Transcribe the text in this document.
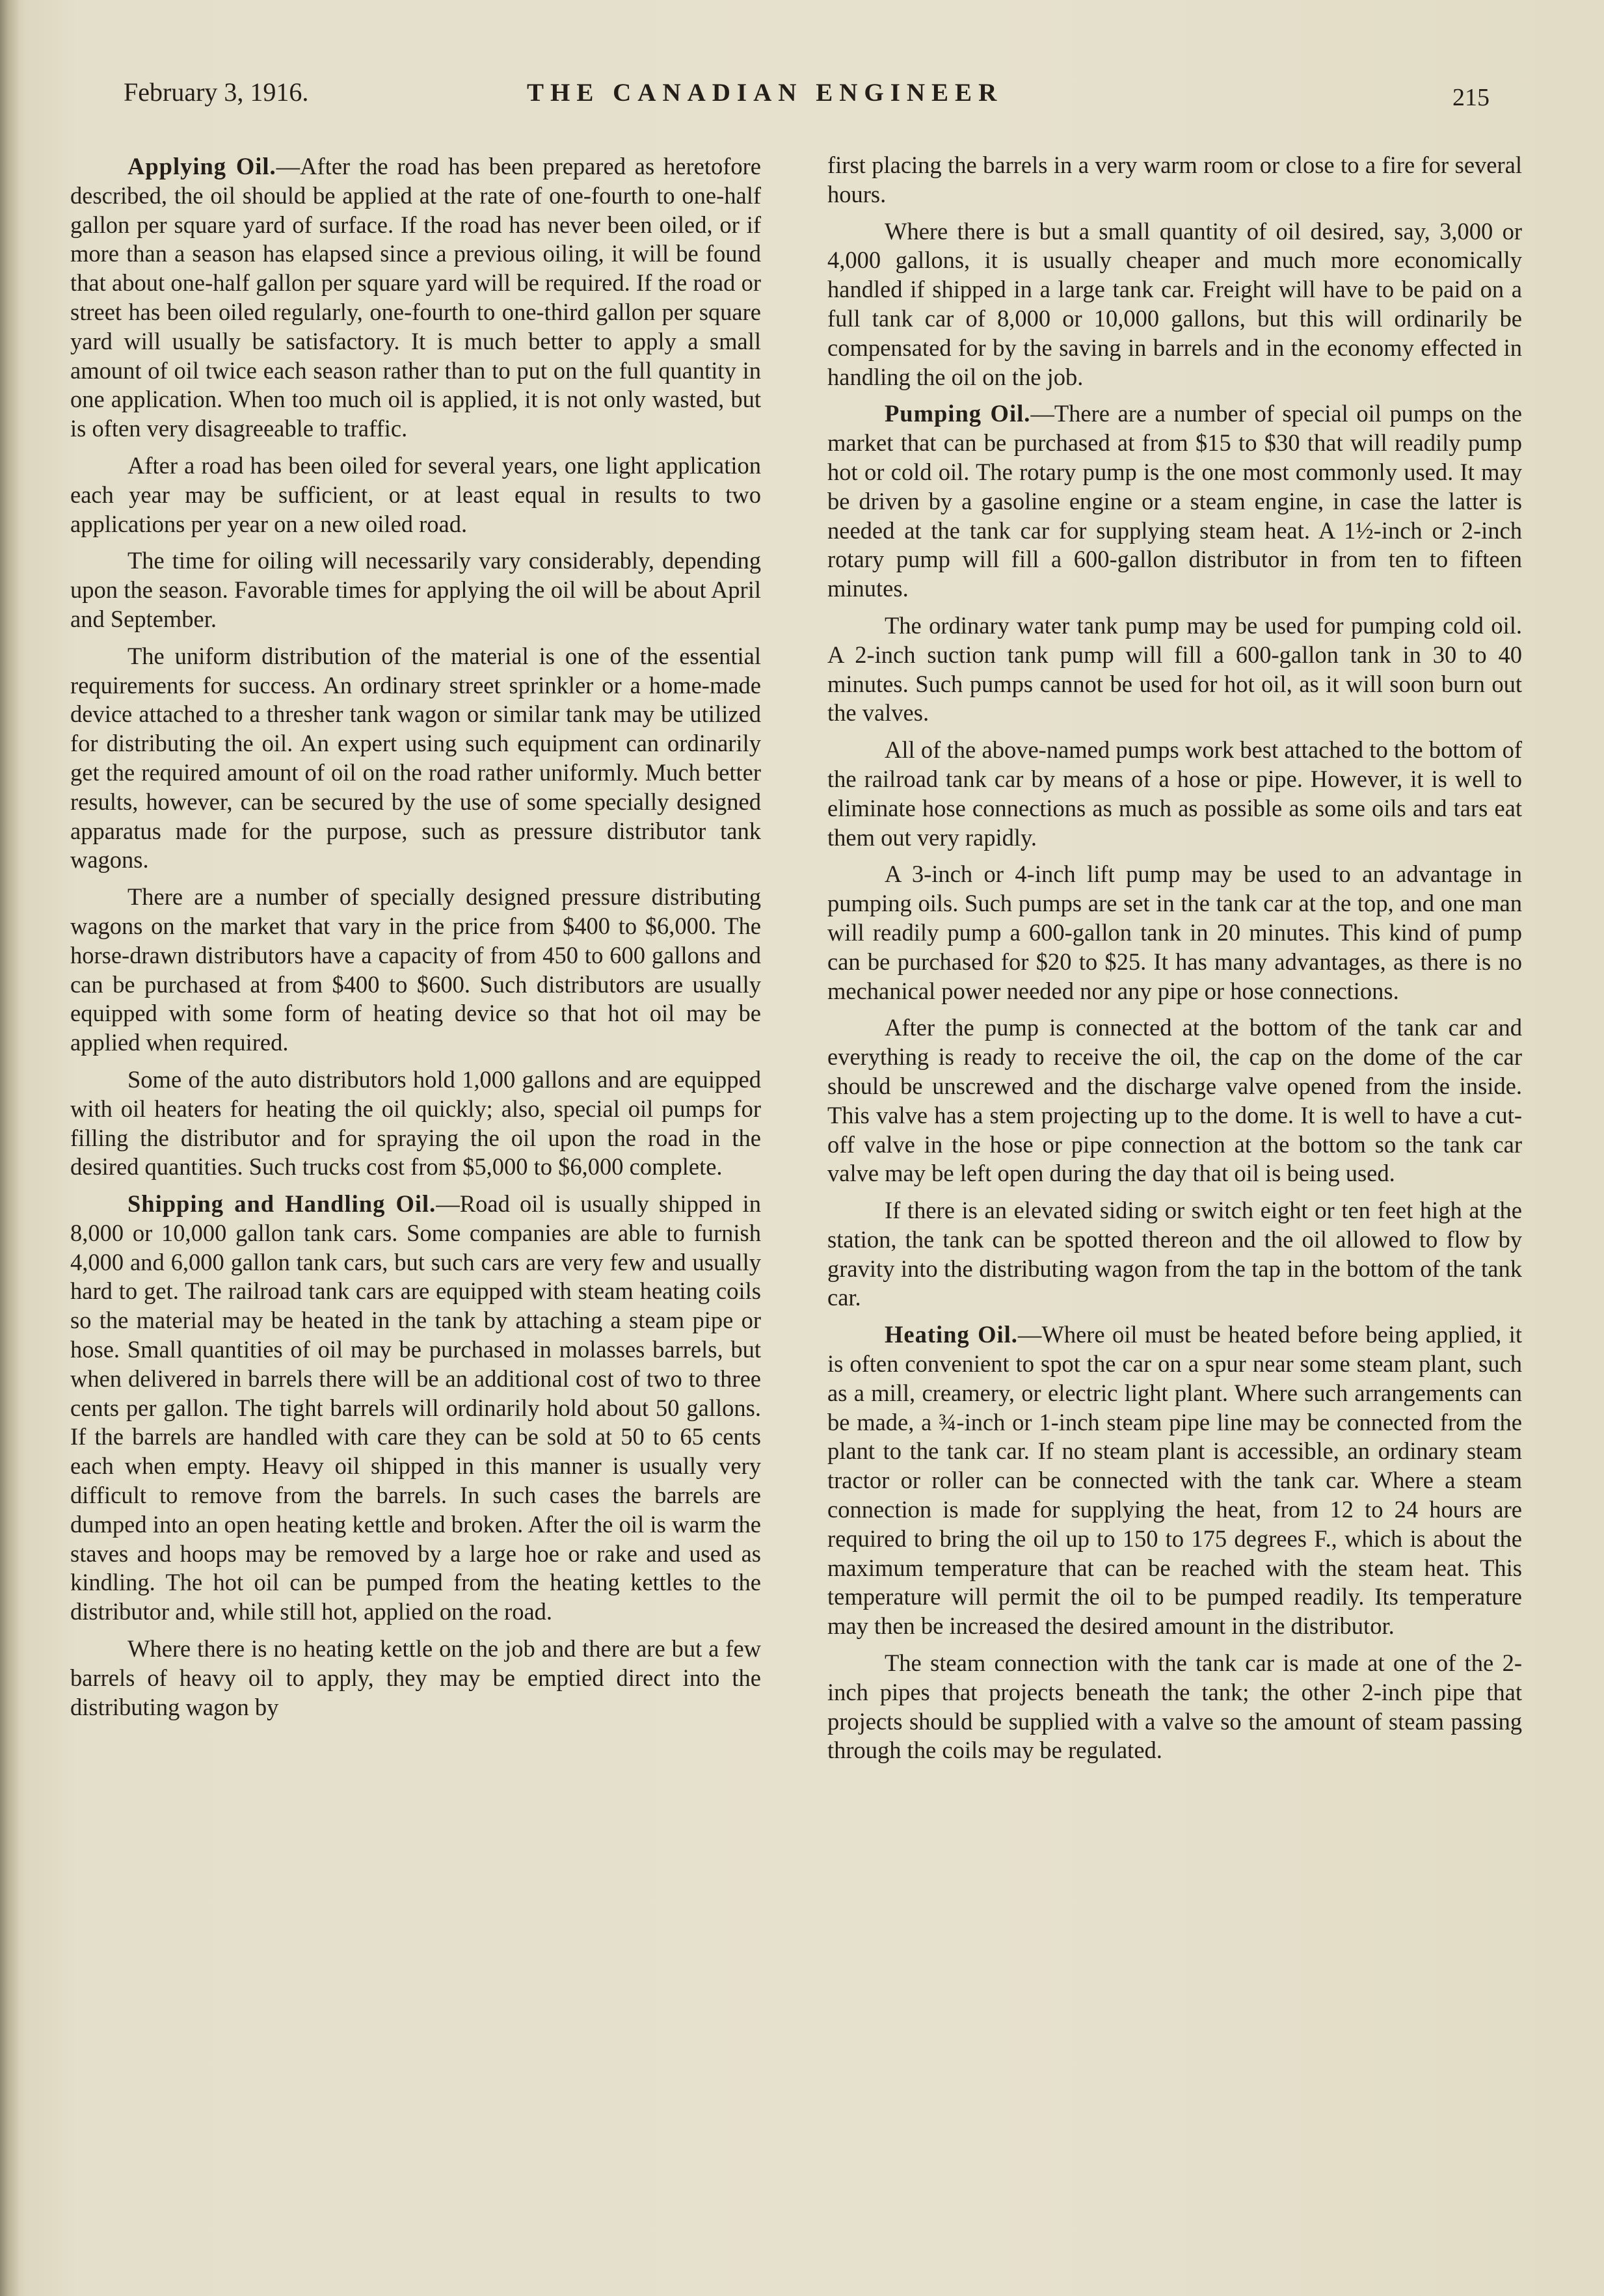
February 3, 1916.	THE CANADIAN ENGINEER	215

Applying Oil.—After the road has been prepared as heretofore described, the oil should be applied at the rate of one-fourth to one-half gallon per square yard of surface. If the road has never been oiled, or if more than a season has elapsed since a previous oiling, it will be found that about one-half gallon per square yard will be required. If the road or street has been oiled regularly, one-fourth to one-third gallon per square yard will usually be satisfactory. It is much better to apply a small amount of oil twice each season rather than to put on the full quantity in one application. When too much oil is applied, it is not only wasted, but is often very disagreeable to traffic.

After a road has been oiled for several years, one light application each year may be sufficient, or at least equal in results to two applications per year on a new oiled road.

The time for oiling will necessarily vary considerably, depending upon the season. Favorable times for applying the oil will be about April and September.

The uniform distribution of the material is one of the essential requirements for success. An ordinary street sprinkler or a home-made device attached to a thresher tank wagon or similar tank may be utilized for distributing the oil. An expert using such equipment can ordinarily get the required amount of oil on the road rather uniformly. Much better results, however, can be secured by the use of some specially designed apparatus made for the purpose, such as pressure distributor tank wagons.

There are a number of specially designed pressure distributing wagons on the market that vary in the price from $400 to $6,000. The horse-drawn distributors have a capacity of from 450 to 600 gallons and can be purchased at from $400 to $600. Such distributors are usually equipped with some form of heating device so that hot oil may be applied when required.

Some of the auto distributors hold 1,000 gallons and are equipped with oil heaters for heating the oil quickly; also, special oil pumps for filling the distributor and for spraying the oil upon the road in the desired quantities. Such trucks cost from $5,000 to $6,000 complete.

Shipping and Handling Oil.—Road oil is usually shipped in 8,000 or 10,000 gallon tank cars. Some companies are able to furnish 4,000 and 6,000 gallon tank cars, but such cars are very few and usually hard to get. The railroad tank cars are equipped with steam heating coils so the material may be heated in the tank by attaching a steam pipe or hose. Small quantities of oil may be purchased in molasses barrels, but when delivered in barrels there will be an additional cost of two to three cents per gallon. The tight barrels will ordinarily hold about 50 gallons. If the barrels are handled with care they can be sold at 50 to 65 cents each when empty. Heavy oil shipped in this manner is usually very difficult to remove from the barrels. In such cases the barrels are dumped into an open heating kettle and broken. After the oil is warm the staves and hoops may be removed by a large hoe or rake and used as kindling. The hot oil can be pumped from the heating kettles to the distributor and, while still hot, applied on the road.

Where there is no heating kettle on the job and there are but a few barrels of heavy oil to apply, they may be emptied direct into the distributing wagon by

first placing the barrels in a very warm room or close to a fire for several hours.

Where there is but a small quantity of oil desired, say, 3,000 or 4,000 gallons, it is usually cheaper and much more economically handled if shipped in a large tank car. Freight will have to be paid on a full tank car of 8,000 or 10,000 gallons, but this will ordinarily be compensated for by the saving in barrels and in the economy effected in handling the oil on the job.

Pumping Oil.—There are a number of special oil pumps on the market that can be purchased at from $15 to $30 that will readily pump hot or cold oil. The rotary pump is the one most commonly used. It may be driven by a gasoline engine or a steam engine, in case the latter is needed at the tank car for supplying steam heat. A 1½-inch or 2-inch rotary pump will fill a 600-gallon distributor in from ten to fifteen minutes.

The ordinary water tank pump may be used for pumping cold oil. A 2-inch suction tank pump will fill a 600-gallon tank in 30 to 40 minutes. Such pumps cannot be used for hot oil, as it will soon burn out the valves.

All of the above-named pumps work best attached to the bottom of the railroad tank car by means of a hose or pipe. However, it is well to eliminate hose connections as much as possible as some oils and tars eat them out very rapidly.

A 3-inch or 4-inch lift pump may be used to an advantage in pumping oils. Such pumps are set in the tank car at the top, and one man will readily pump a 600-gallon tank in 20 minutes. This kind of pump can be purchased for $20 to $25. It has many advantages, as there is no mechanical power needed nor any pipe or hose connections.

After the pump is connected at the bottom of the tank car and everything is ready to receive the oil, the cap on the dome of the car should be unscrewed and the discharge valve opened from the inside. This valve has a stem projecting up to the dome. It is well to have a cut-off valve in the hose or pipe connection at the bottom so the tank car valve may be left open during the day that oil is being used.

If there is an elevated siding or switch eight or ten feet high at the station, the tank can be spotted thereon and the oil allowed to flow by gravity into the distributing wagon from the tap in the bottom of the tank car.

Heating Oil.—Where oil must be heated before being applied, it is often convenient to spot the car on a spur near some steam plant, such as a mill, creamery, or electric light plant. Where such arrangements can be made, a ¾-inch or 1-inch steam pipe line may be connected from the plant to the tank car. If no steam plant is accessible, an ordinary steam tractor or roller can be connected with the tank car. Where a steam connection is made for supplying the heat, from 12 to 24 hours are required to bring the oil up to 150 to 175 degrees F., which is about the maximum temperature that can be reached with the steam heat. This temperature will permit the oil to be pumped readily. Its temperature may then be increased the desired amount in the distributor.

The steam connection with the tank car is made at one of the 2-inch pipes that projects beneath the tank; the other 2-inch pipe that projects should be supplied with a valve so the amount of steam passing through the coils may be regulated.
